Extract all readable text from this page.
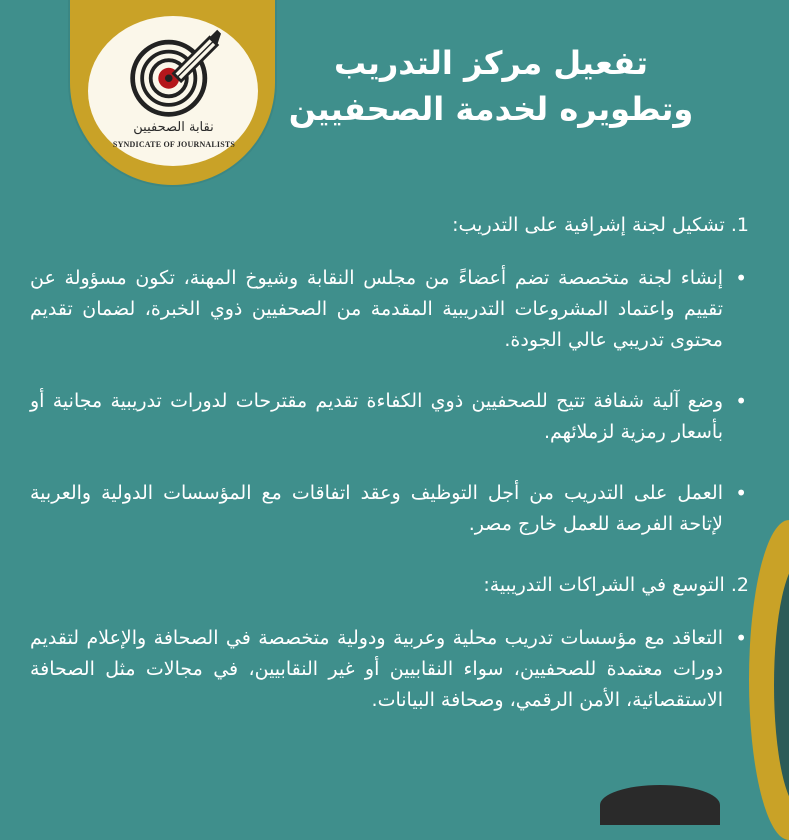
نقابة الصحفيين
SYNDICATE OF JOURNALISTS
تفعيل مركز التدريب
وتطويره لخدمة الصحفيين
1. تشكيل لجنة إشرافية على التدريب:
• إنشاء لجنة متخصصة تضم أعضاءً من مجلس النقابة وشيوخ المهنة، تكون مسؤولة عن تقييم واعتماد المشروعات التدريبية المقدمة من الصحفيين ذوي الخبرة، لضمان تقديم محتوى تدريبي عالي الجودة.
• وضع آلية شفافة تتيح للصحفيين ذوي الكفاءة تقديم مقترحات لدورات تدريبية مجانية أو بأسعار رمزية لزملائهم.
• العمل على التدريب من أجل التوظيف وعقد اتفاقات مع المؤسسات الدولية والعربية لإتاحة الفرصة للعمل خارج مصر.
2. التوسع في الشراكات التدريبية:
• التعاقد مع مؤسسات تدريب محلية وعربية ودولية متخصصة في الصحافة والإعلام لتقديم دورات معتمدة للصحفيين، سواء النقابيين أو غير النقابيين، في مجالات مثل الصحافة الاستقصائية، الأمن الرقمي، وصحافة البيانات.
